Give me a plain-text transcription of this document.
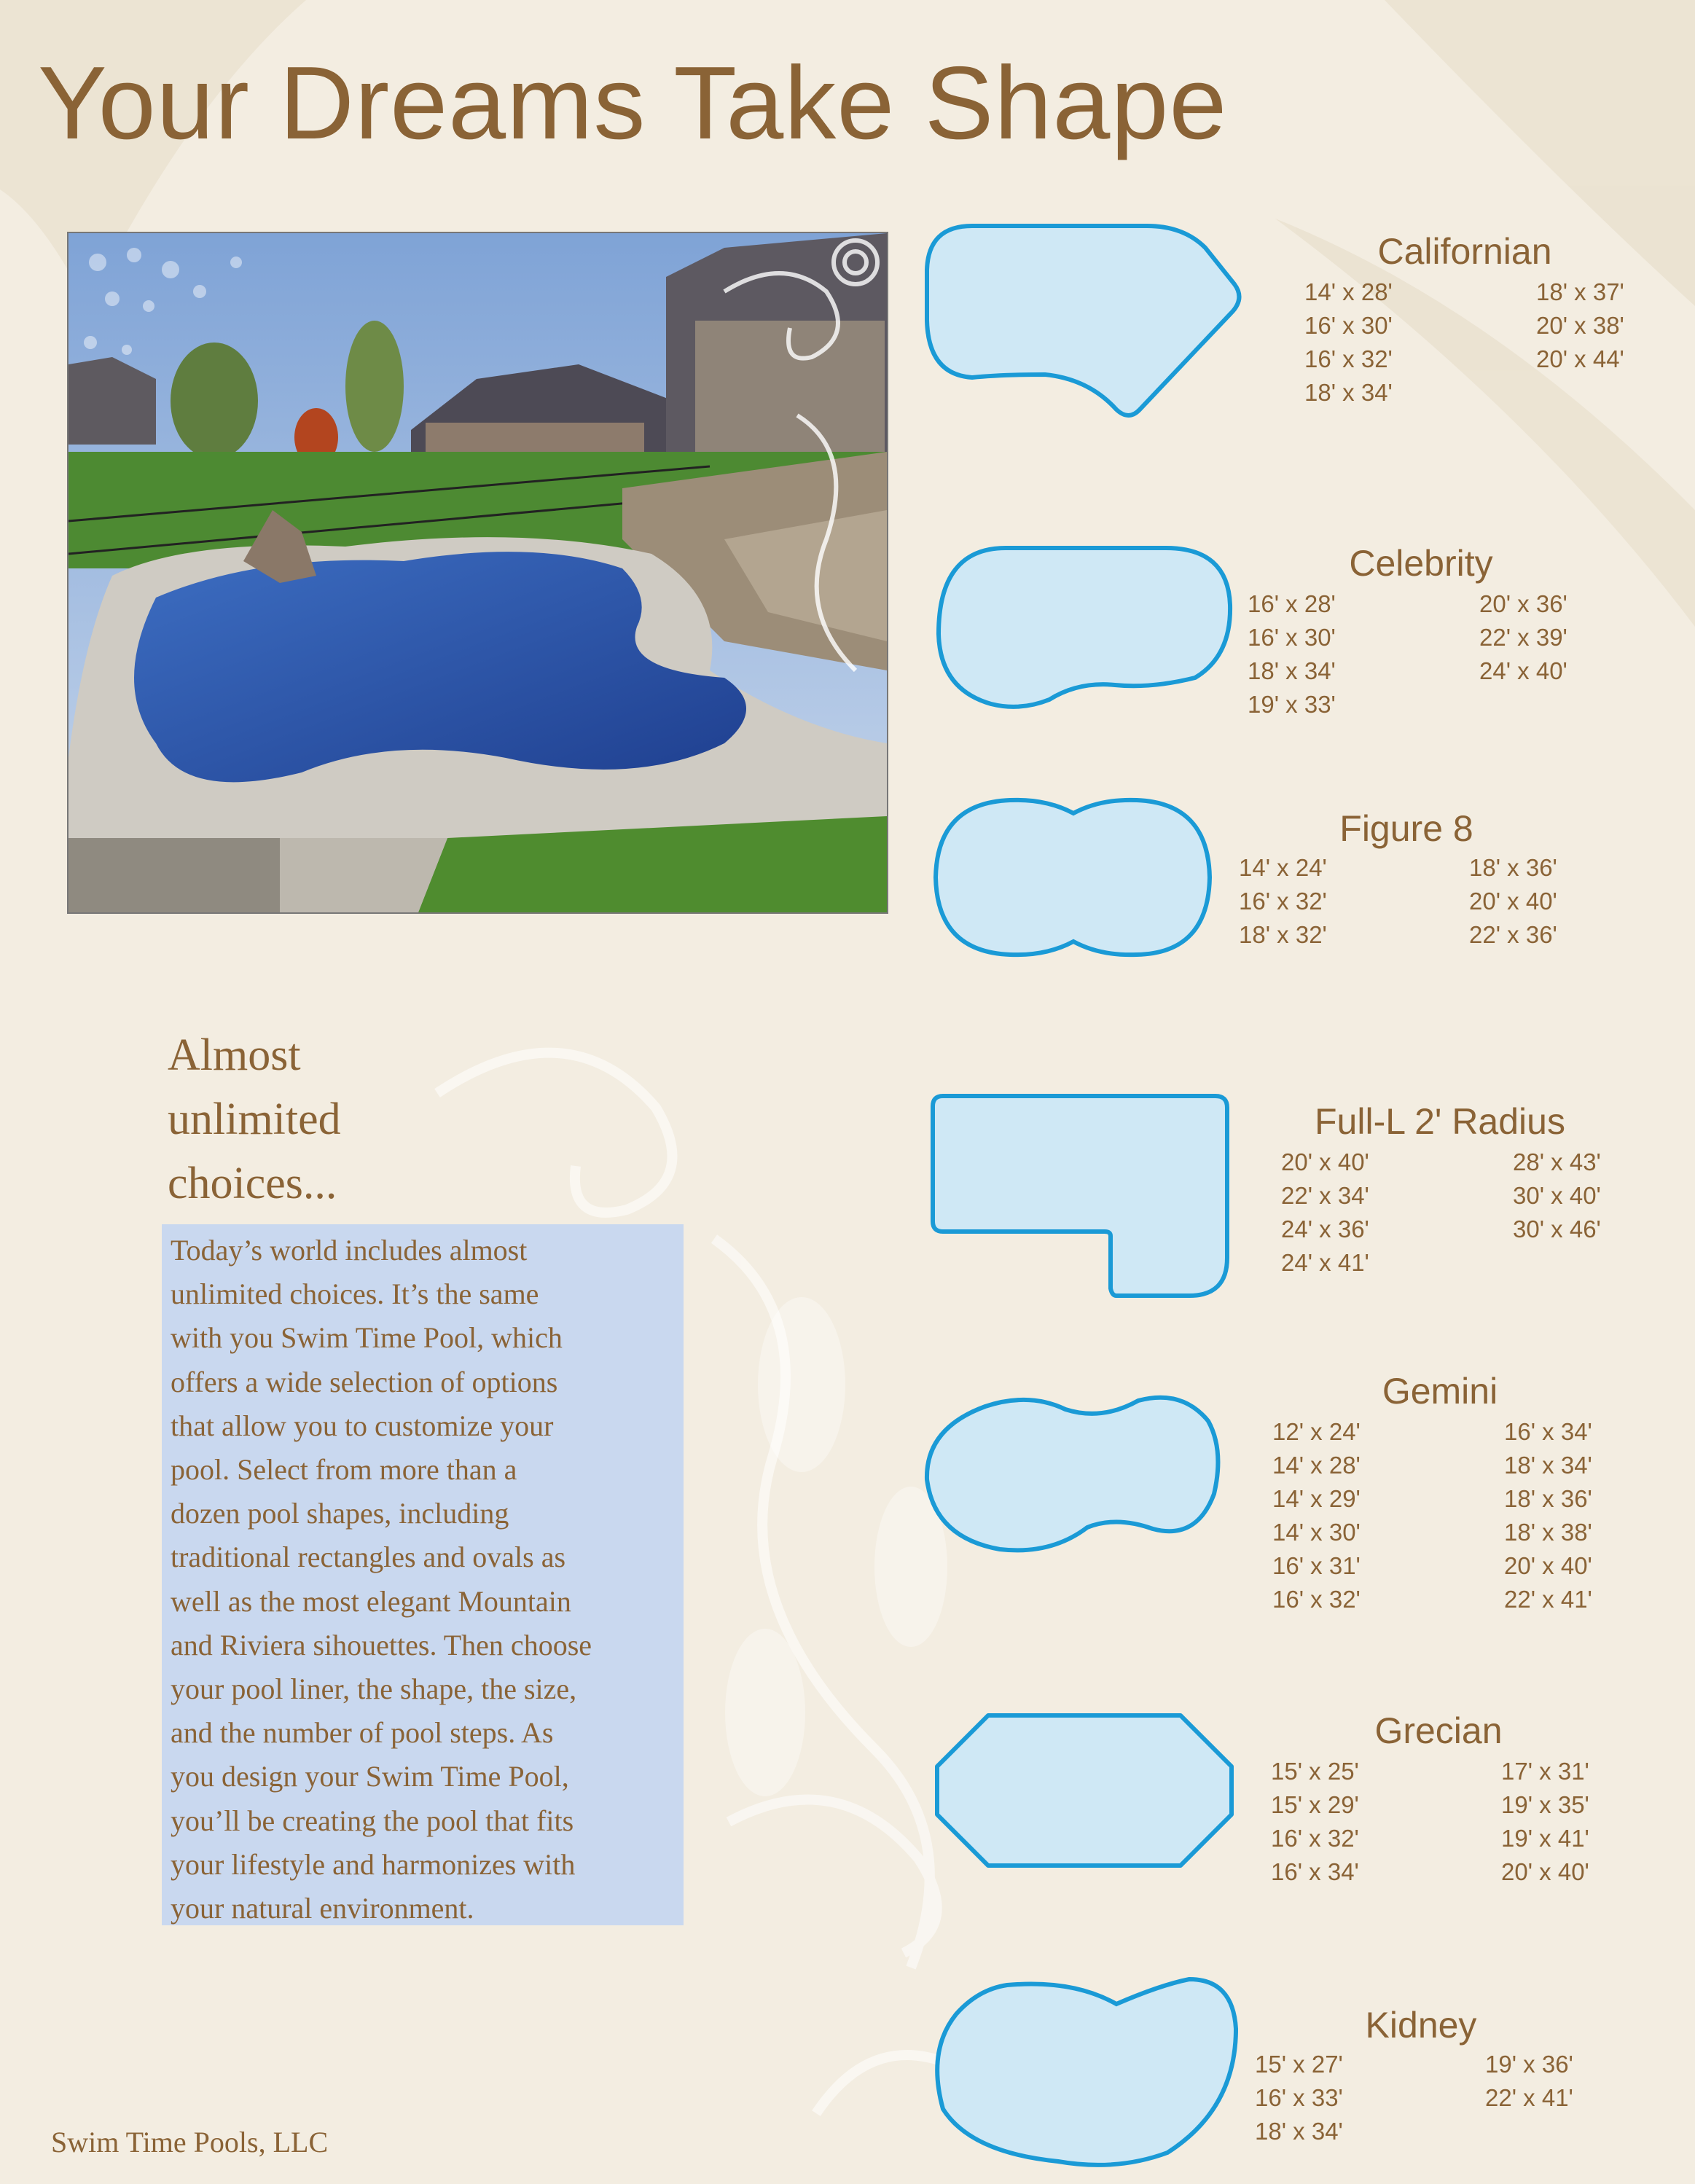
Your Dreams Take Shape
Almost
unlimited
choices...
Today’s world includes almost
unlimited choices. It’s the same
with you Swim Time Pool, which
offers a wide selection of options
that allow you to customize your
pool. Select from more than a
dozen pool shapes, including
traditional rectangles and ovals as
well as the most elegant Mountain
and Riviera sihouettes. Then choose
your pool liner, the shape, the size,
and the number of pool steps. As
you design your Swim Time Pool,
you’ll be creating the pool that fits
your lifestyle and harmonizes with
your natural environment.
Swim Time Pools, LLC
Californian
14' x 28'
16' x 30'
16' x 32'
18' x 34'
18' x 37'
20' x 38'
20' x 44'
Celebrity
16' x 28'
16' x 30'
18' x 34'
19' x 33'
20' x 36'
22' x 39'
24' x 40'
Figure 8
14' x 24'
16' x 32'
18' x 32'
18' x 36'
20' x 40'
22' x 36'
Full-L 2' Radius
20' x 40'
22' x 34'
24' x 36'
24' x 41'
28' x 43'
30' x 40'
30' x 46'
Gemini
12' x 24'
14' x 28'
14' x 29'
14' x 30'
16' x 31'
16' x 32'
16' x 34'
18' x 34'
18' x 36'
18' x 38'
20' x 40'
22' x 41'
Grecian
15' x 25'
15' x 29'
16' x 32'
16' x 34'
17' x 31'
19' x 35'
19' x 41'
20' x 40'
Kidney
15' x 27'
16' x 33'
18' x 34'
19' x 36'
22' x 41'
